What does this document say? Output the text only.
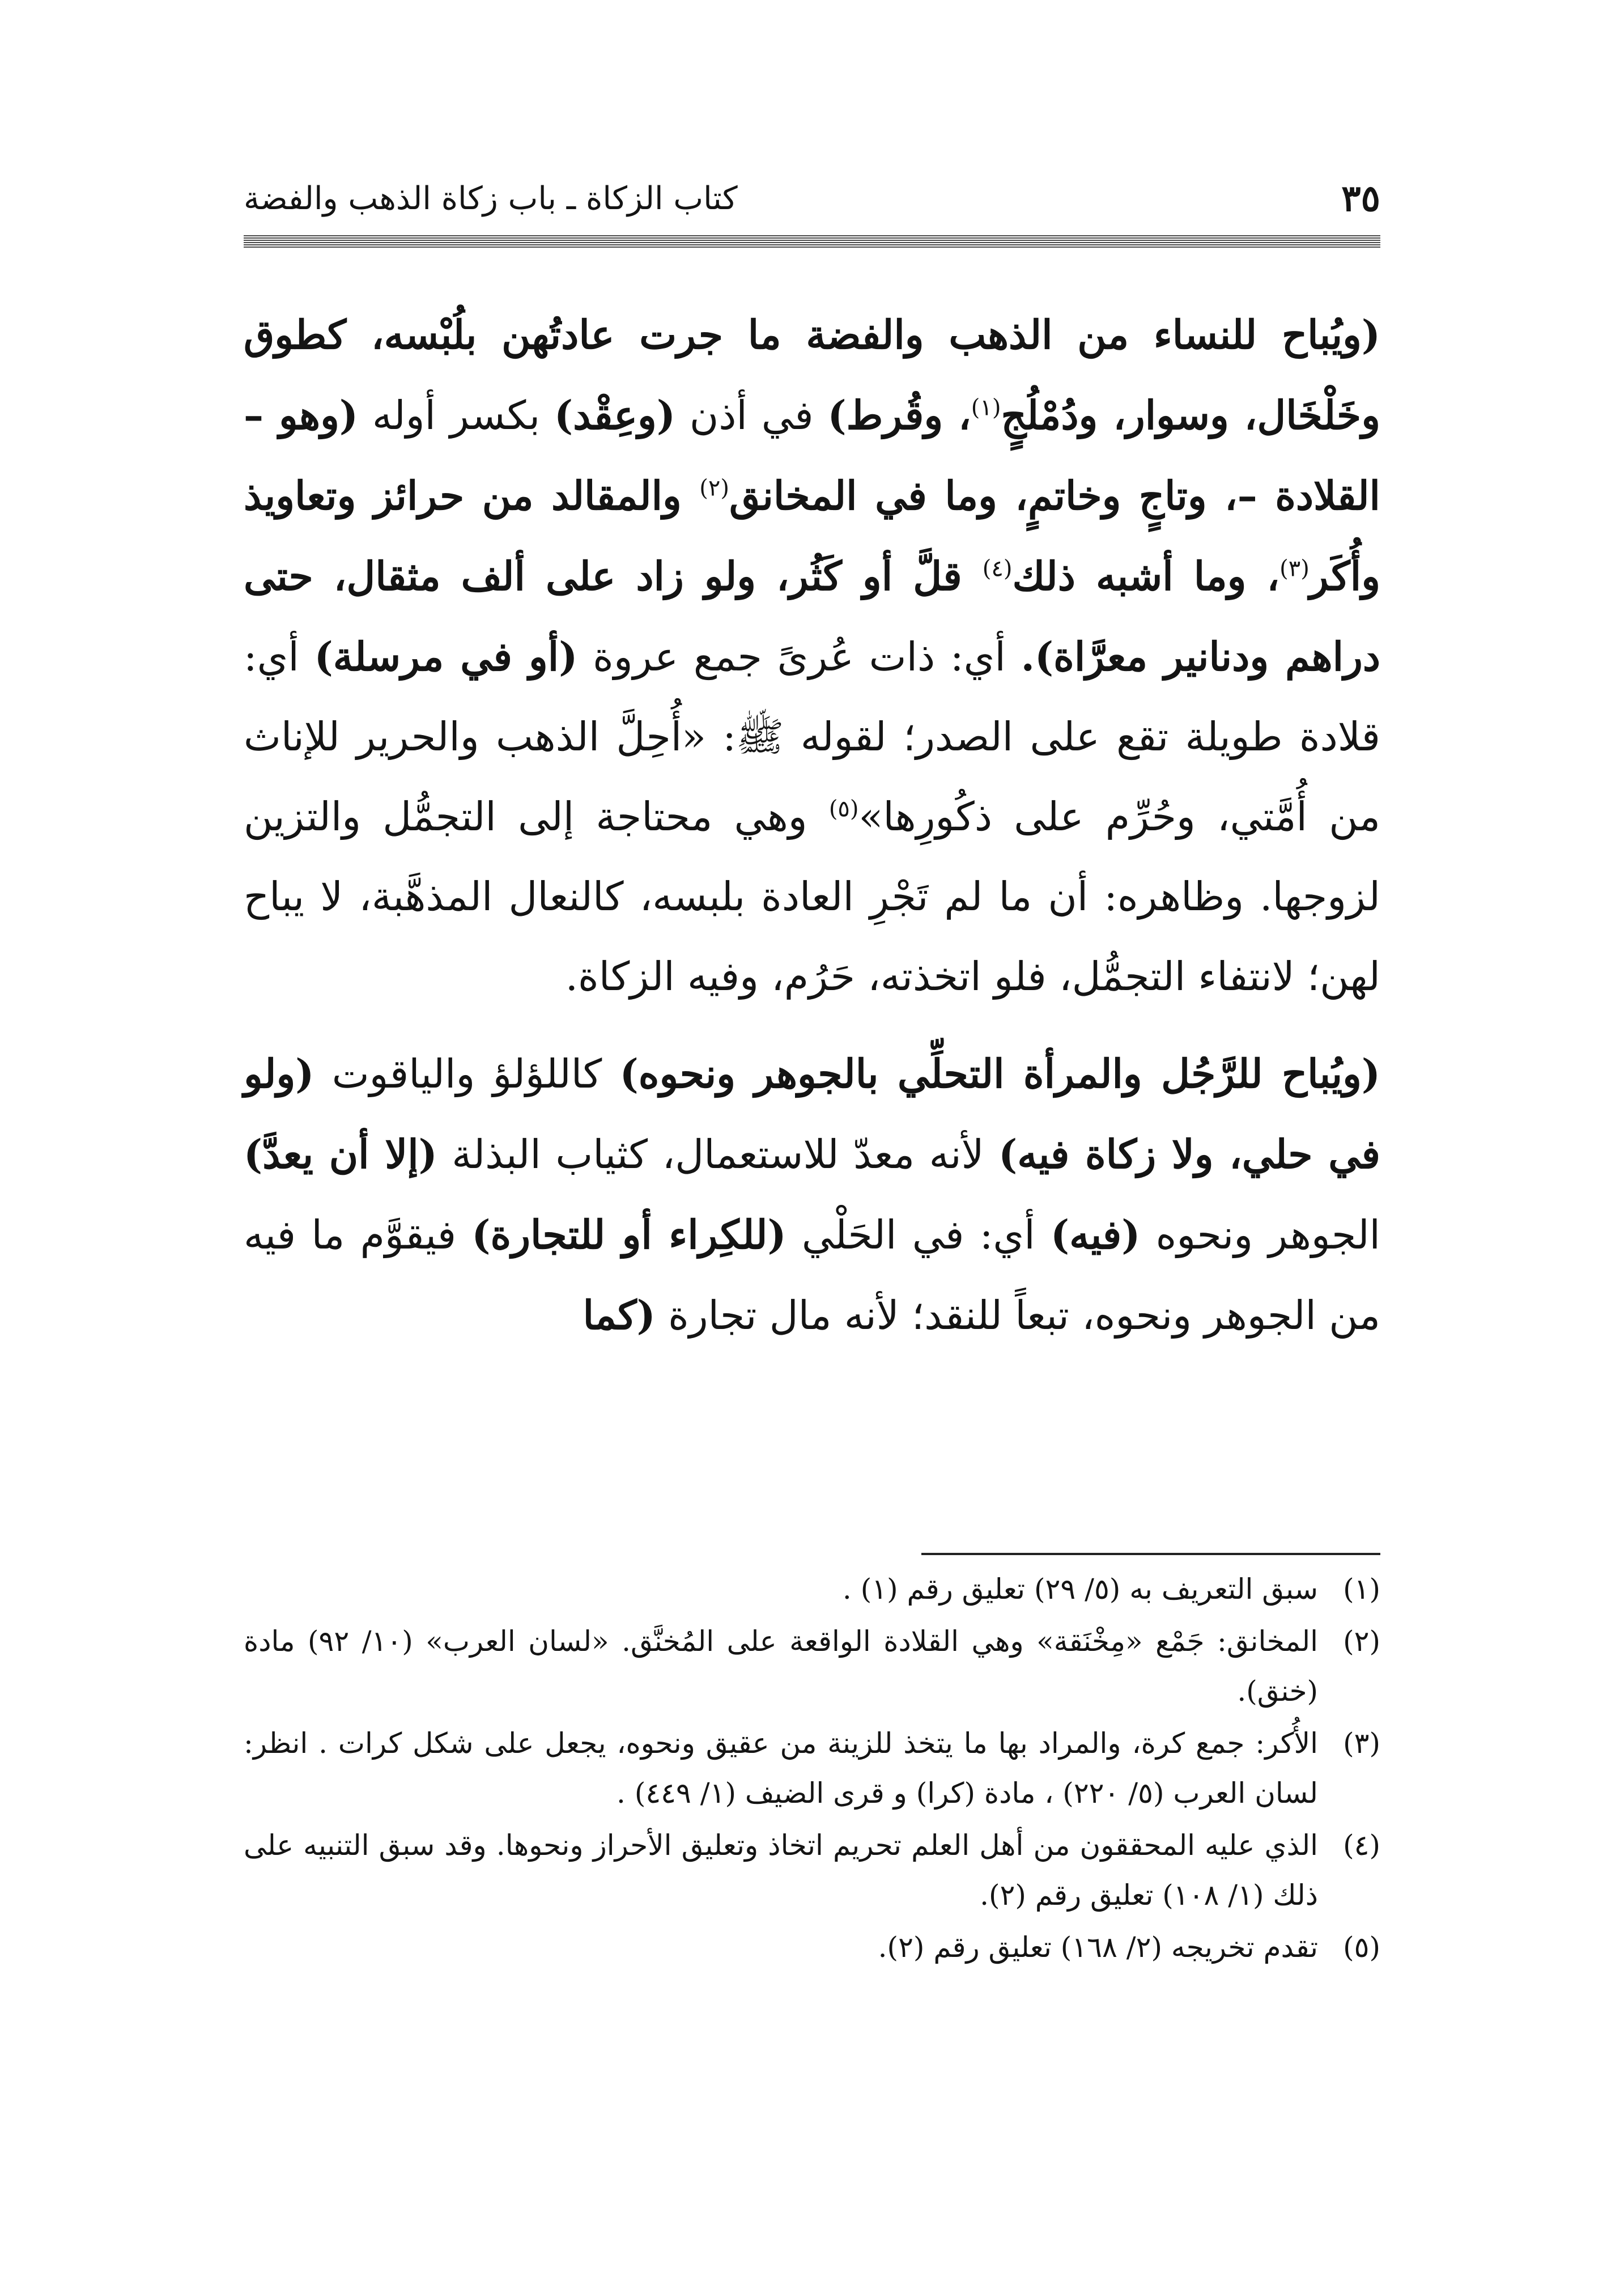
٣٥
كتاب الزكاة ـ باب زكاة الذهب والفضة

(ويُباح للنساء من الذهب والفضة ما جرت عادتُهن بلُبْسه، كطوق وخَلْخَال، وسوار، ودُمْلُجٍ$^{(١)}$، وقُرط) في أذن (وعِقْد) بكسر أوله (وهو – القلادة –، وتاجٍ وخاتمٍ، وما في المخانق$^{(٢)}$ والمقالد من حرائز وتعاويذ وأُكَر$^{(٣)}$، وما أشبه ذلك$^{(٤)}$ قلَّ أو كَثُر، ولو زاد على ألف مثقال، حتى دراهم ودنانير معرَّاة). أي: ذات عُرىً جمع عروة (أو في مرسلة) أي: قلادة طويلة تقع على الصدر؛ لقوله ﷺ: «أُحِلَّ الذهب والحرير للإناث من أُمَّتي، وحُرِّم على ذكُورِها»$^{(٥)}$ وهي محتاجة إلى التجمُّل والتزين لزوجها. وظاهره: أن ما لم تَجْرِ العادة بلبسه، كالنعال المذهَّبة، لا يباح لهن؛ لانتفاء التجمُّل، فلو اتخذته، حَرُم، وفيه الزكاة.

(ويُباح للرَّجُل والمرأة التحلِّي بالجوهر ونحوه) كاللؤلؤ والياقوت (ولو في حلي، ولا زكاة فيه) لأنه معدّ للاستعمال، كثياب البذلة (إلا أن يعدَّ) الجوهر ونحوه (فيه) أي: في الحَلْي (للكِراء أو للتجارة) فيقوَّم ما فيه من الجوهر ونحوه، تبعاً للنقد؛ لأنه مال تجارة (كما

(١)
سبق التعريف به (٥/ ٢٩) تعليق رقم (١) .
(٢)
المخانق: جَمْع «مِخْنَقة» وهي القلادة الواقعة على المُخنَّق. «لسان العرب» (١٠/ ٩٢) مادة (خنق).
(٣)
الأُكر: جمع كرة، والمراد بها ما يتخذ للزينة من عقيق ونحوه، يجعل على شكل كرات . انظر: لسان العرب (٥/ ٢٢٠) ، مادة (كرا) و قرى الضيف (١/ ٤٤٩) .
(٤)
الذي عليه المحققون من أهل العلم تحريم اتخاذ وتعليق الأحراز ونحوها. وقد سبق التنبيه على ذلك (١/ ١٠٨) تعليق رقم (٢).
(٥)
تقدم تخريجه (٢/ ١٦٨) تعليق رقم (٢).
